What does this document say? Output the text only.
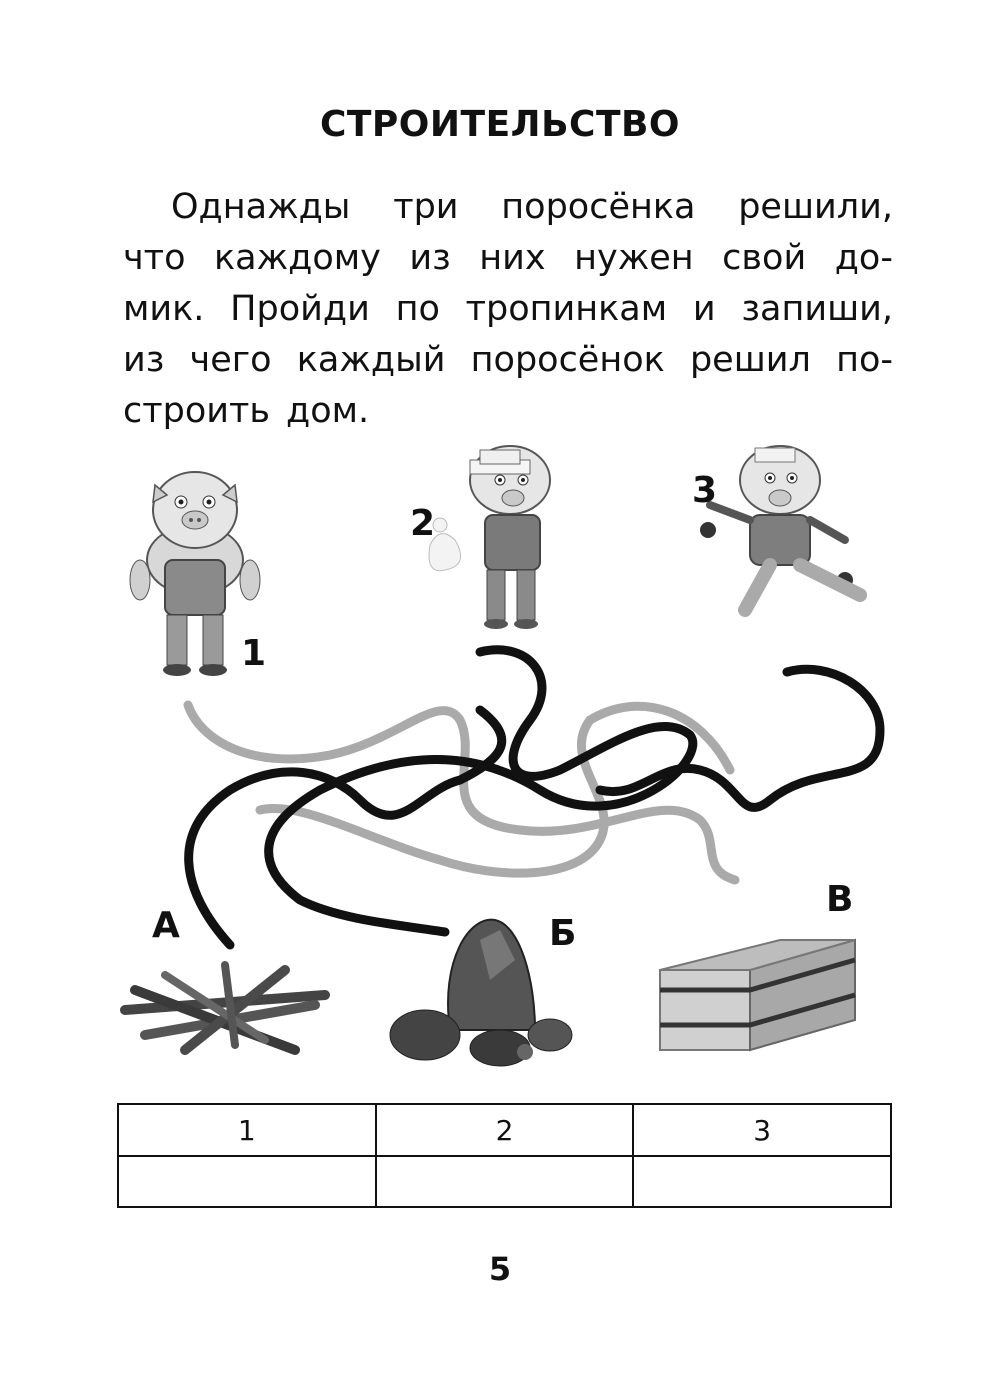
СТРОИТЕЛЬСТВО
Однажды три поросёнка решили,
что каждому из них нужен свой до-
мик. Пройди по тропинкам и запиши,
из чего каждый поросёнок решил по-
строить дом.
1
2
3
А	Б
В
1	2	3

5
